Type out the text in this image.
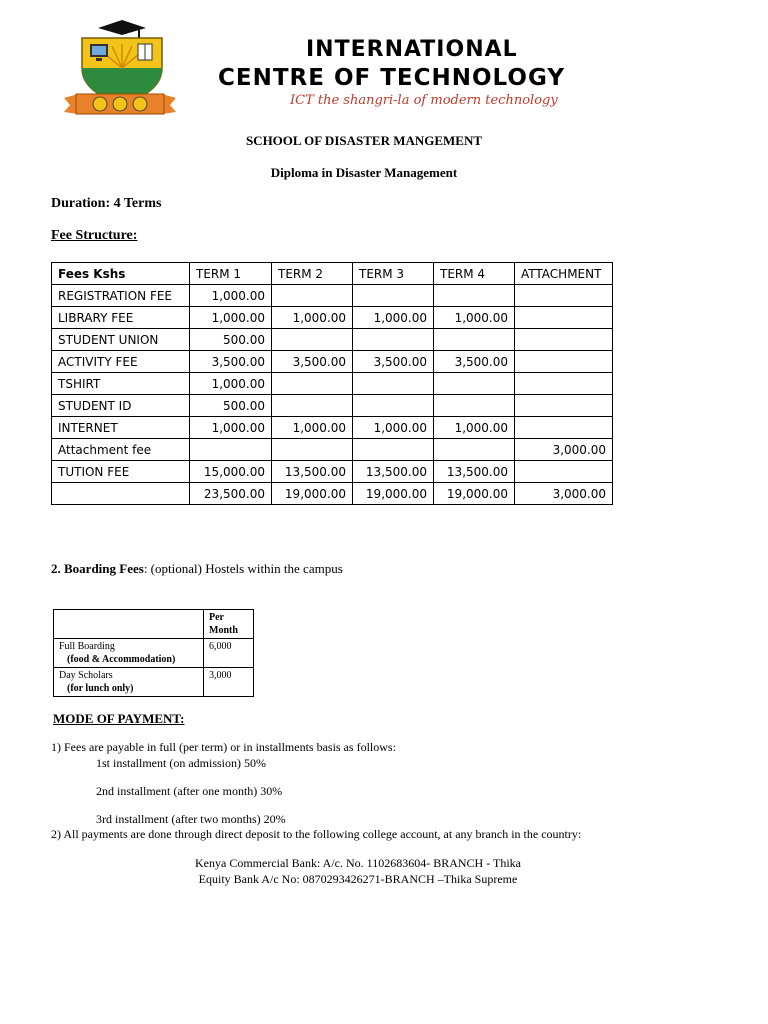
INTERNATIONAL
CENTRE OF TECHNOLOGY
ICT the shangri-la of modern technology
SCHOOL OF DISASTER MANGEMENT
Diploma in Disaster Management
Duration: 4 Terms
Fee Structure:
Fees Kshs	TERM 1	TERM 2	TERM 3	TERM 4	ATTACHMENT
REGISTRATION FEE	1,000.00				
LIBRARY FEE	1,000.00	1,000.00	1,000.00	1,000.00	
STUDENT UNION	500.00				
ACTIVITY FEE	3,500.00	3,500.00	3,500.00	3,500.00	
TSHIRT	1,000.00				
STUDENT ID	500.00				
INTERNET	1,000.00	1,000.00	1,000.00	1,000.00	
Attachment fee					3,000.00
TUTION FEE	15,000.00	13,500.00	13,500.00	13,500.00	
	23,500.00	19,000.00	19,000.00	19,000.00	3,000.00
2. Boarding Fees: (optional) Hostels within the campus
	Per Month
Full Boarding
(food & Accommodation)	6,000
Day Scholars
(for lunch only)	3,000
MODE OF PAYMENT:
1) Fees are payable in full (per term) or in installments basis as follows:
1st installment (on admission) 50%
2nd installment (after one month) 30%
3rd installment (after two months) 20%
2) All payments are done through direct deposit to the following college account, at any branch in the country:
Kenya Commercial Bank: A/c. No. 1102683604- BRANCH - Thika
Equity Bank A/c No: 0870293426271-BRANCH –Thika Supreme
